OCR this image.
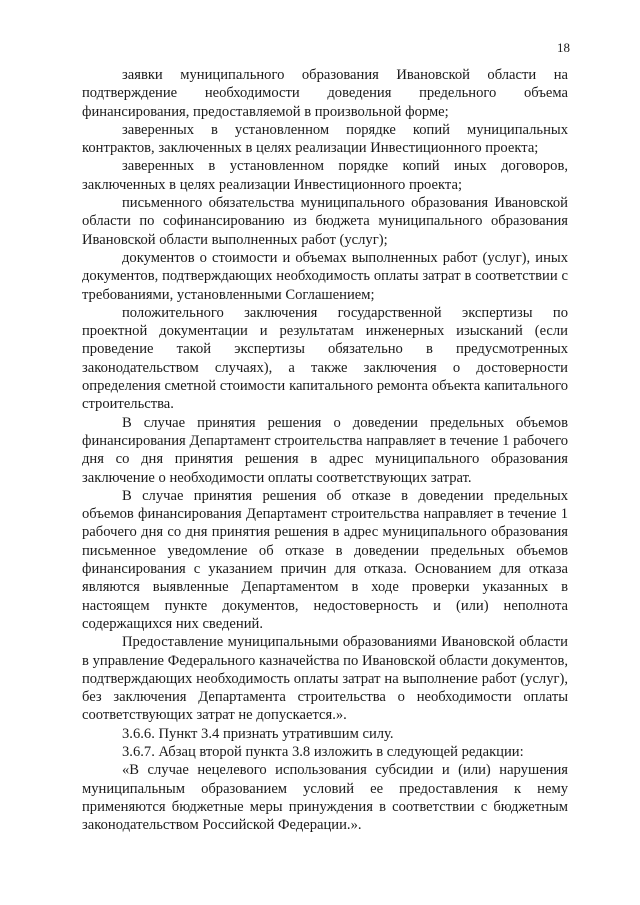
18

заявки муниципального образования Ивановской области на подтверждение необходимости доведения предельного объема финансирования, предоставляемой в произвольной форме;

заверенных в установленном порядке копий муниципальных контрактов, заключенных в целях реализации Инвестиционного проекта;

заверенных в установленном порядке копий иных договоров, заключенных в целях реализации Инвестиционного проекта;

письменного обязательства муниципального образования Ивановской области по софинансированию из бюджета муниципального образования Ивановской области выполненных работ (услуг);

документов о стоимости и объемах выполненных работ (услуг), иных документов, подтверждающих необходимость оплаты затрат в соответствии с требованиями, установленными Соглашением;

положительного заключения государственной экспертизы по проектной документации и результатам инженерных изысканий (если проведение такой экспертизы обязательно в предусмотренных законодательством случаях), а также заключения о достоверности определения сметной стоимости капитального ремонта объекта капитального строительства.

В случае принятия решения о доведении предельных объемов финансирования Департамент строительства направляет в течение 1 рабочего дня со дня принятия решения в адрес муниципального образования заключение о необходимости оплаты соответствующих затрат.

В случае принятия решения об отказе в доведении предельных объемов финансирования Департамент строительства направляет в течение 1 рабочего дня со дня принятия решения в адрес муниципального образования письменное уведомление об отказе в доведении предельных объемов финансирования с указанием причин для отказа. Основанием для отказа являются выявленные Департаментом в ходе проверки указанных в настоящем пункте документов, недостоверность и (или) неполнота содержащихся них сведений.

Предоставление муниципальными образованиями Ивановской области в управление Федерального казначейства по Ивановской области документов, подтверждающих необходимость оплаты затрат на выполнение работ (услуг), без заключения Департамента строительства о необходимости оплаты соответствующих затрат не допускается.».

3.6.6. Пункт 3.4 признать утратившим силу.

3.6.7. Абзац второй пункта 3.8 изложить в следующей редакции:

«В случае нецелевого использования субсидии и (или) нарушения муниципальным образованием условий ее предоставления к нему применяются бюджетные меры принуждения в соответствии с бюджетным законодательством Российской Федерации.».
